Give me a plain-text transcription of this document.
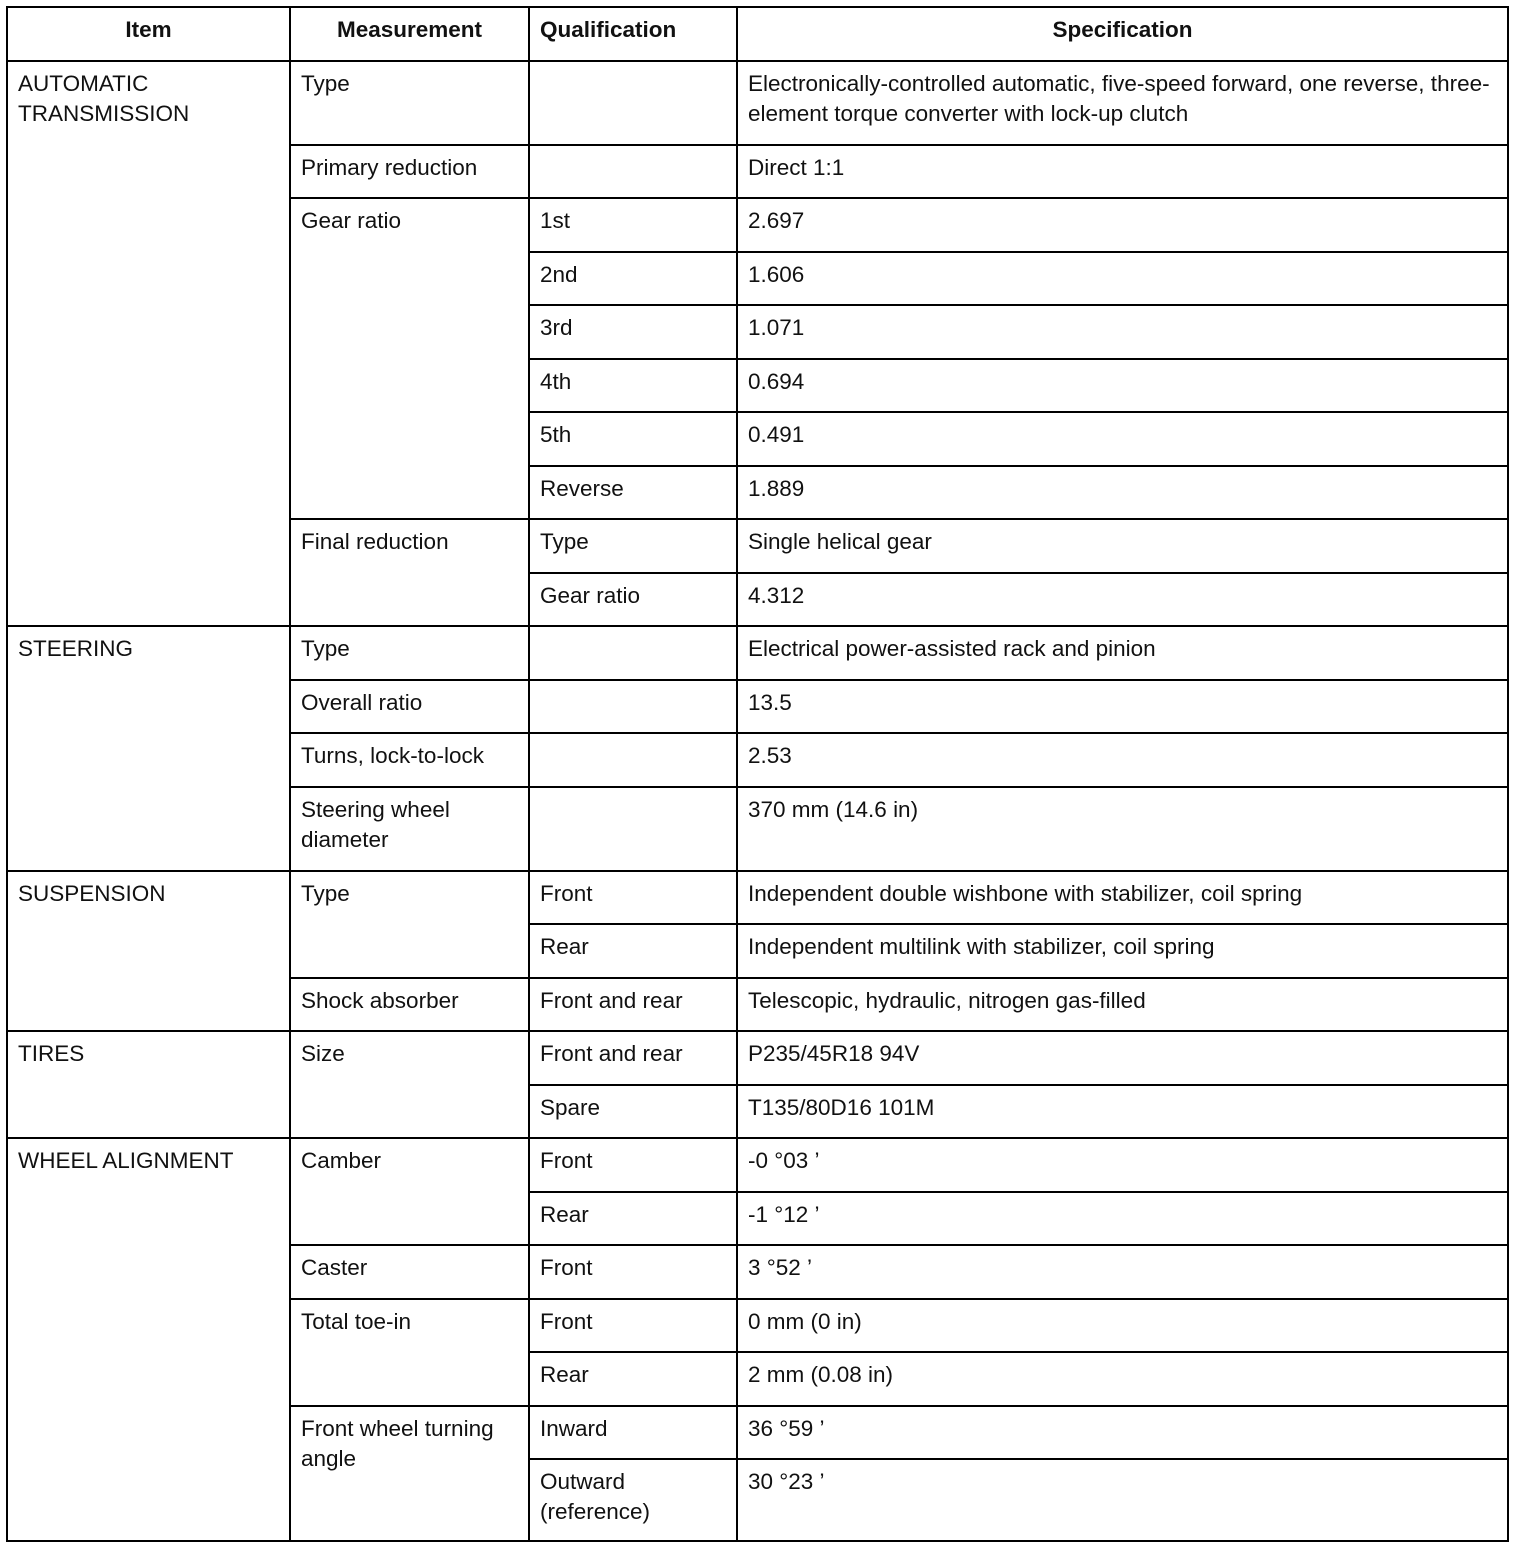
Item	Measurement	Qualification	Specification
AUTOMATIC TRANSMISSION	Type		Electronically-controlled automatic, five-speed forward, one reverse, three-element torque converter with lock-up clutch
	Primary reduction		Direct 1:1
	Gear ratio	1st	2.697
		2nd	1.606
		3rd	1.071
		4th	0.694
		5th	0.491
		Reverse	1.889
	Final reduction	Type	Single helical gear
		Gear ratio	4.312
STEERING	Type		Electrical power-assisted rack and pinion
	Overall ratio		13.5
	Turns, lock-to-lock		2.53
	Steering wheel diameter		370 mm (14.6 in)
SUSPENSION	Type	Front	Independent double wishbone with stabilizer, coil spring
		Rear	Independent multilink with stabilizer, coil spring
	Shock absorber	Front and rear	Telescopic, hydraulic, nitrogen gas-filled
TIRES	Size	Front and rear	P235/45R18 94V
		Spare	T135/80D16 101M
WHEEL ALIGNMENT	Camber	Front	-0 °03 ’
		Rear	-1 °12 ’
	Caster	Front	3 °52 ’
	Total toe-in	Front	0 mm (0 in)
		Rear	2 mm (0.08 in)
	Front wheel turning angle	Inward	36 °59 ’
		Outward (reference)	30 °23 ’
